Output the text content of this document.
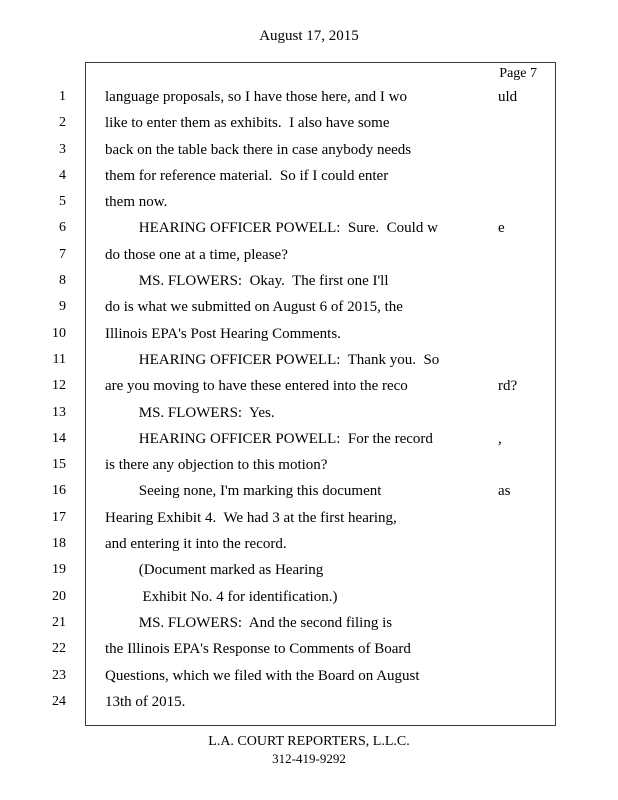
August 17, 2015
Page 7
1	language proposals, so I have those here, and I wo	uld
2	like to enter them as exhibits.  I also have some
3	back on the table back there in case anybody needs
4	them for reference material.  So if I could enter
5	them now.
6	HEARING OFFICER POWELL:  Sure.  Could w	e
7	do those one at a time, please?
8	MS. FLOWERS:  Okay.  The first one I'll
9	do is what we submitted on August 6 of 2015, the
10	Illinois EPA's Post Hearing Comments.
11	HEARING OFFICER POWELL:  Thank you.  So
12	are you moving to have these entered into the reco	rd?
13	MS. FLOWERS:  Yes.
14	HEARING OFFICER POWELL:  For the record	,
15	is there any objection to this motion?
16	Seeing none, I'm marking this document	as
17	Hearing Exhibit 4.  We had 3 at the first hearing,
18	and entering it into the record.
19	(Document marked as Hearing
20	Exhibit No. 4 for identification.)
21	MS. FLOWERS:  And the second filing is
22	the Illinois EPA's Response to Comments of Board
23	Questions, which we filed with the Board on August
24	13th of 2015.
L.A. COURT REPORTERS, L.L.C.
312-419-9292
